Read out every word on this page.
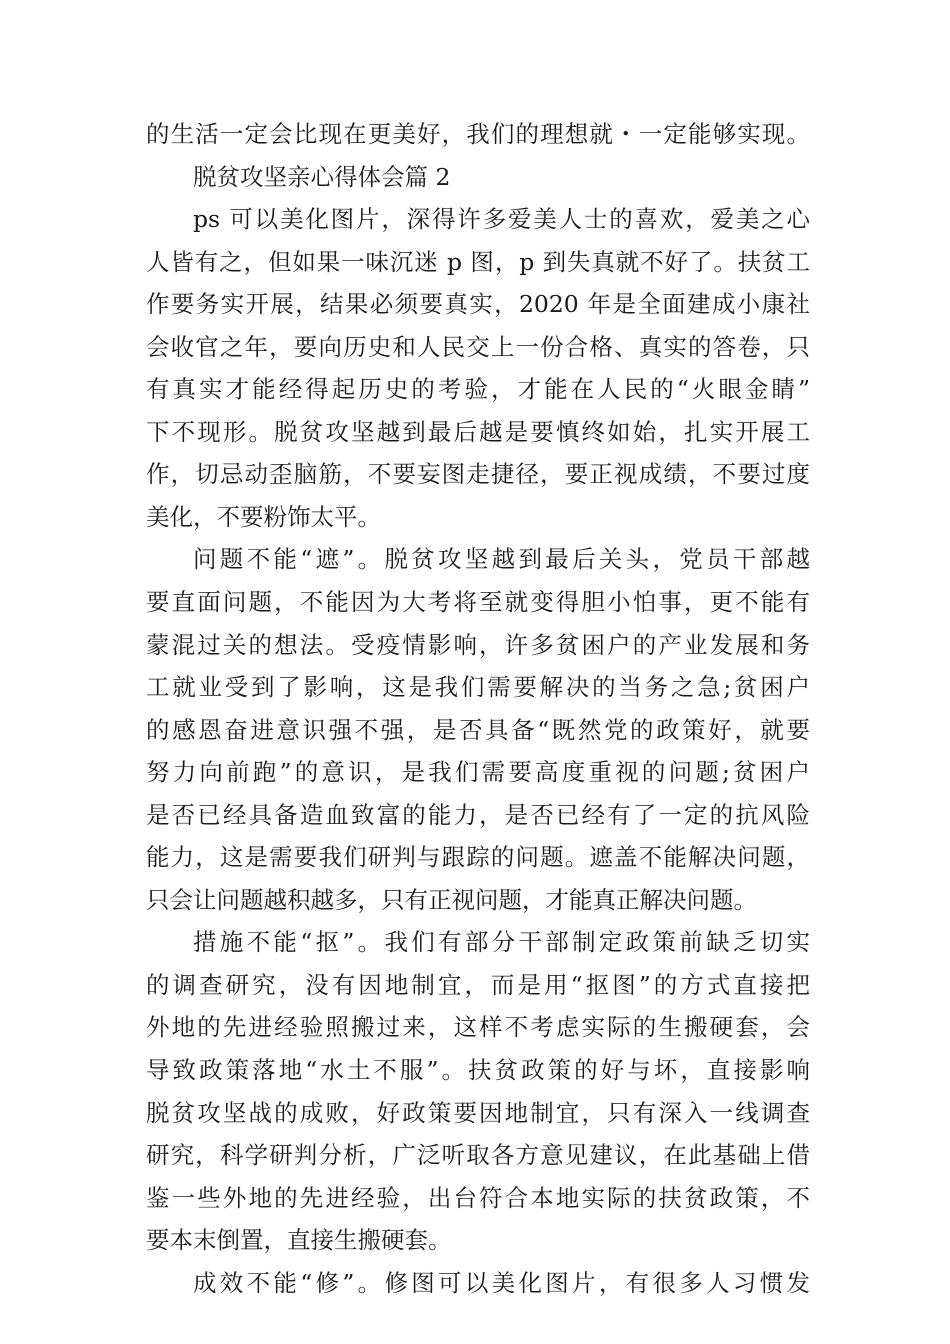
的生活一定会比现在更美好，我们的理想就・一定能够实现。
脱贫攻坚亲心得体会篇 2
ps 可以美化图片，深得许多爱美人士的喜欢，爱美之心
人皆有之，但如果一味沉迷 p 图，p 到失真就不好了。扶贫工
作要务实开展，结果必须要真实，2020 年是全面建成小康社
会收官之年，要向历史和人民交上一份合格、真实的答卷，只
有真实才能经得起历史的考验，才能在人民的“火眼金睛”
下不现形。脱贫攻坚越到最后越是要慎终如始，扎实开展工
作，切忌动歪脑筋，不要妄图走捷径，要正视成绩，不要过度
美化，不要粉饰太平。
问题不能“遮”。脱贫攻坚越到最后关头，党员干部越
要直面问题，不能因为大考将至就变得胆小怕事，更不能有
蒙混过关的想法。受疫情影响，许多贫困户的产业发展和务
工就业受到了影响，这是我们需要解决的当务之急;贫困户
的感恩奋进意识强不强，是否具备“既然党的政策好，就要
努力向前跑”的意识，是我们需要高度重视的问题;贫困户
是否已经具备造血致富的能力，是否已经有了一定的抗风险
能力，这是需要我们研判与跟踪的问题。遮盖不能解决问题，
只会让问题越积越多，只有正视问题，才能真正解决问题。
措施不能“抠”。我们有部分干部制定政策前缺乏切实
的调查研究，没有因地制宜，而是用“抠图”的方式直接把
外地的先进经验照搬过来，这样不考虑实际的生搬硬套，会
导致政策落地“水土不服”。扶贫政策的好与坏，直接影响
脱贫攻坚战的成败，好政策要因地制宜，只有深入一线调查
研究，科学研判分析，广泛听取各方意见建议，在此基础上借
鉴一些外地的先进经验，出台符合本地实际的扶贫政策，不
要本末倒置，直接生搬硬套。
成效不能“修”。修图可以美化图片，有很多人习惯发
